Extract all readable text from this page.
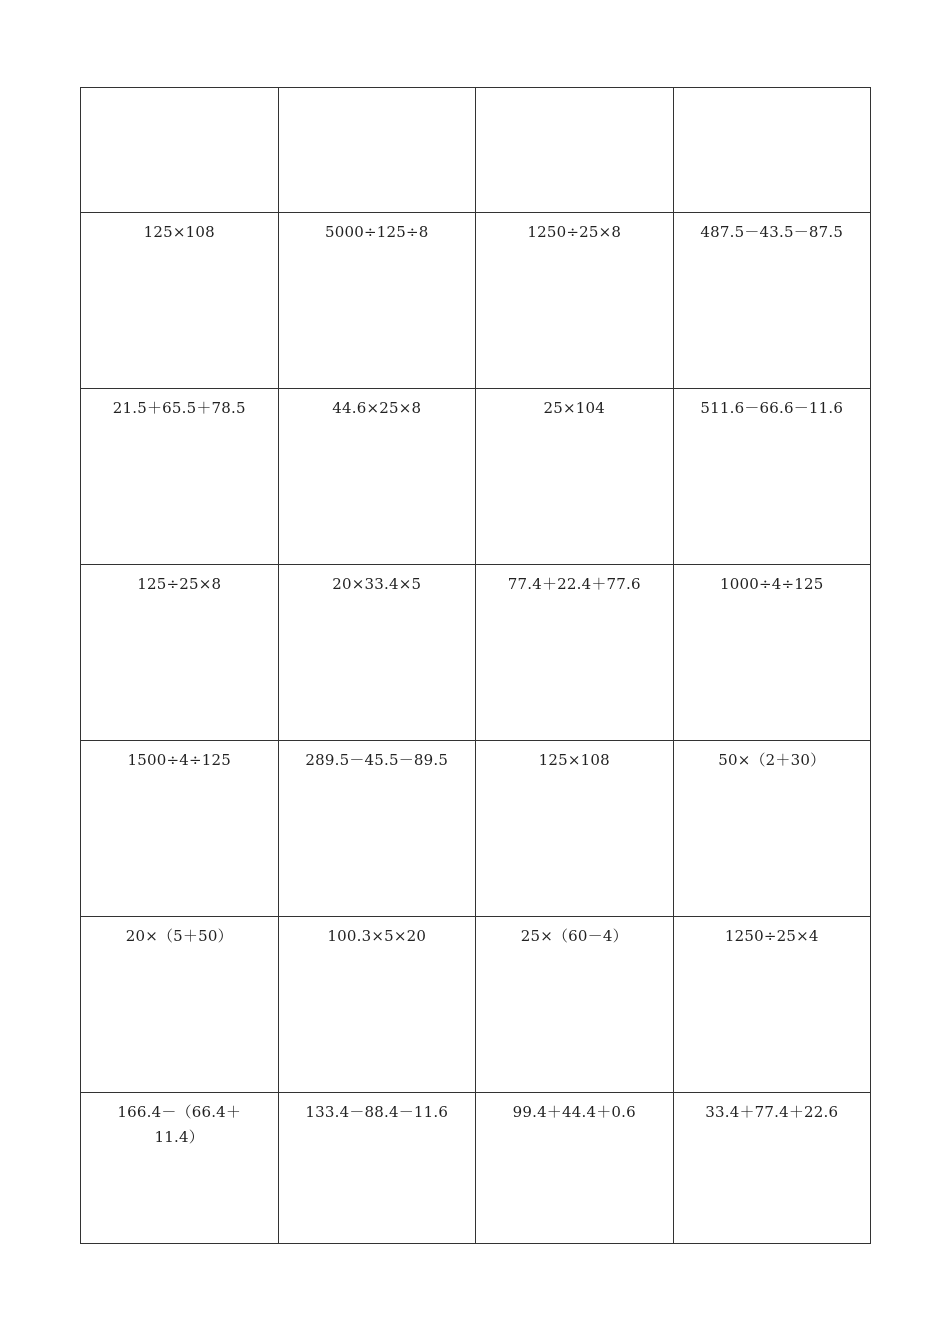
125×108	5000÷125÷8	1250÷25×8	487.5－43.5－87.5
21.5＋65.5＋78.5	44.6×25×8	25×104	511.6－66.6－11.6
125÷25×8	20×33.4×5	77.4＋22.4＋77.6	1000÷4÷125
1500÷4÷125	289.5－45.5－89.5	125×108	50×（2＋30）
20×（5＋50）	100.3×5×20	25×（60－4）	1250÷25×4
166.4－（66.4＋11.4）	133.4－88.4－11.6	99.4＋44.4＋0.6	33.4＋77.4＋22.6
